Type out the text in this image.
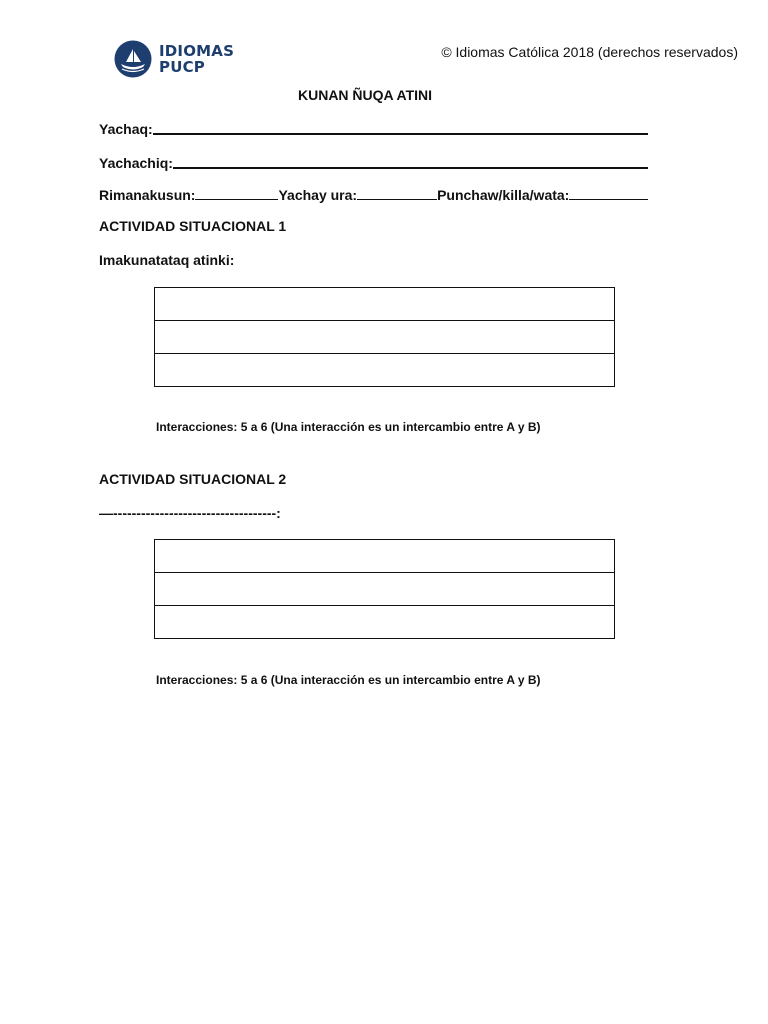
IDIOMAS
PUCP
© Idiomas Católica 2018 (derechos reservados)
KUNAN ÑUQA ATINI
Yachaq:
Yachachiq:
Rimanakusun:	Yachay ura:	Punchaw/killa/wata:
ACTIVIDAD SITUACIONAL 1
Imakunatataq atinki:

Interacciones: 5 a 6 (Una interacción es un intercambio entre A y B)
ACTIVIDAD SITUACIONAL 2
—-----------------------------------:

Interacciones: 5 a 6 (Una interacción es un intercambio entre A y B)
